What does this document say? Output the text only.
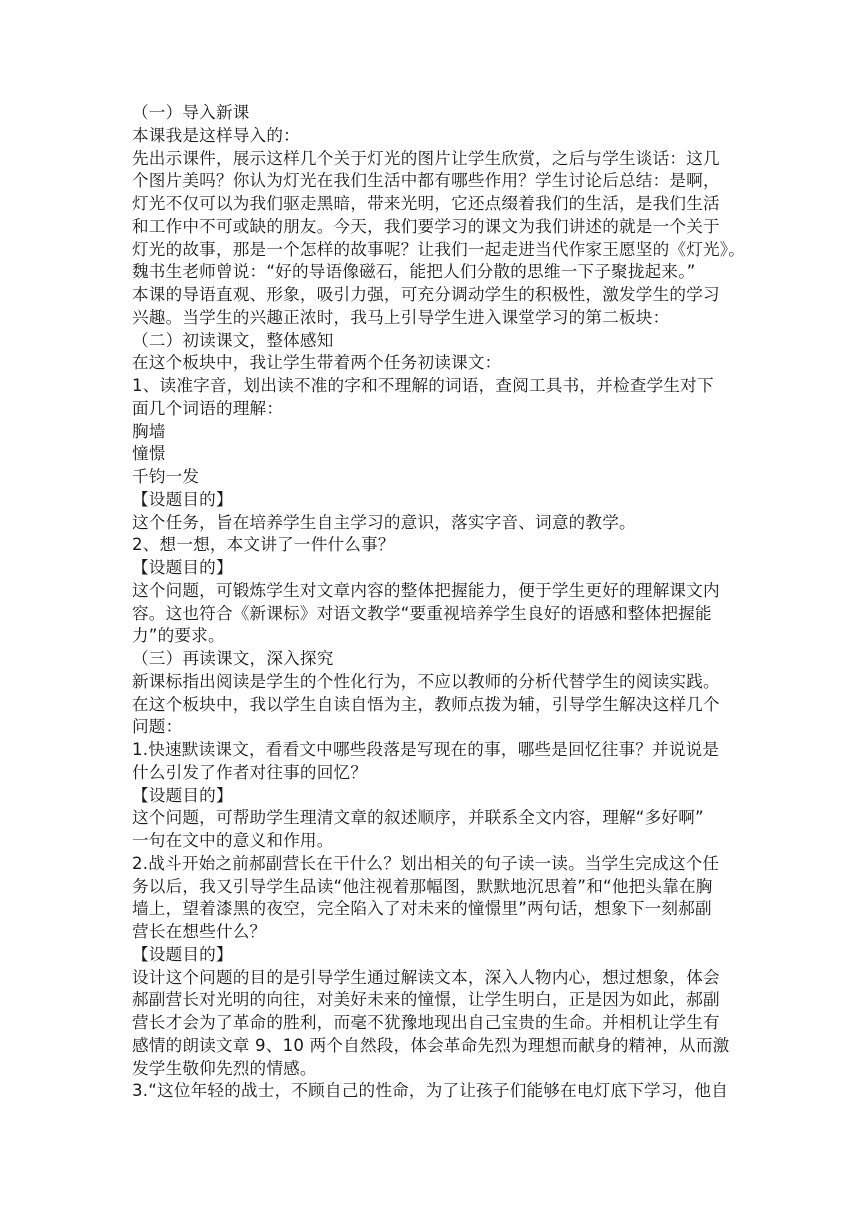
（一）导入新课
本课我是这样导入的：
先出示课件，展示这样几个关于灯光的图片让学生欣赏，之后与学生谈话：这几
个图片美吗？你认为灯光在我们生活中都有哪些作用？学生讨论后总结：是啊，
灯光不仅可以为我们驱走黑暗，带来光明，它还点缀着我们的生活，是我们生活
和工作中不可或缺的朋友。今天，我们要学习的课文为我们讲述的就是一个关于
灯光的故事，那是一个怎样的故事呢？让我们一起走进当代作家王愿坚的《灯光》。
魏书生老师曾说：“好的导语像磁石，能把人们分散的思维一下子聚拢起来。”
本课的导语直观、形象，吸引力强，可充分调动学生的积极性，激发学生的学习
兴趣。当学生的兴趣正浓时，我马上引导学生进入课堂学习的第二板块：
（二）初读课文，整体感知
在这个板块中，我让学生带着两个任务初读课文：
1、读准字音，划出读不准的字和不理解的词语，查阅工具书，并检查学生对下
面几个词语的理解：
胸墙
憧憬
千钧一发
【设题目的】
这个任务，旨在培养学生自主学习的意识，落实字音、词意的教学。
2、想一想，本文讲了一件什么事？
【设题目的】
这个问题，可锻炼学生对文章内容的整体把握能力，便于学生更好的理解课文内
容。这也符合《新课标》对语文教学“要重视培养学生良好的语感和整体把握能
力”的要求。
（三）再读课文，深入探究
新课标指出阅读是学生的个性化行为，不应以教师的分析代替学生的阅读实践。
在这个板块中，我以学生自读自悟为主，教师点拨为辅，引导学生解决这样几个
问题：
1.快速默读课文，看看文中哪些段落是写现在的事，哪些是回忆往事？并说说是
什么引发了作者对往事的回忆？
【设题目的】
这个问题，可帮助学生理清文章的叙述顺序，并联系全文内容，理解“多好啊”
一句在文中的意义和作用。
2.战斗开始之前郝副营长在干什么？划出相关的句子读一读。当学生完成这个任
务以后，我又引导学生品读“他注视着那幅图，默默地沉思着”和“他把头靠在胸
墙上，望着漆黑的夜空，完全陷入了对未来的憧憬里”两句话，想象下一刻郝副
营长在想些什么？
【设题目的】
设计这个问题的目的是引导学生通过解读文本，深入人物内心，想过想象，体会
郝副营长对光明的向往，对美好未来的憧憬，让学生明白，正是因为如此，郝副
营长才会为了革命的胜利，而毫不犹豫地现出自己宝贵的生命。并相机让学生有
感情的朗读文章 9、10 两个自然段，体会革命先烈为理想而献身的精神，从而激
发学生敬仰先烈的情感。
3.“这位年轻的战士，不顾自己的性命，为了让孩子们能够在电灯底下学习，他自
